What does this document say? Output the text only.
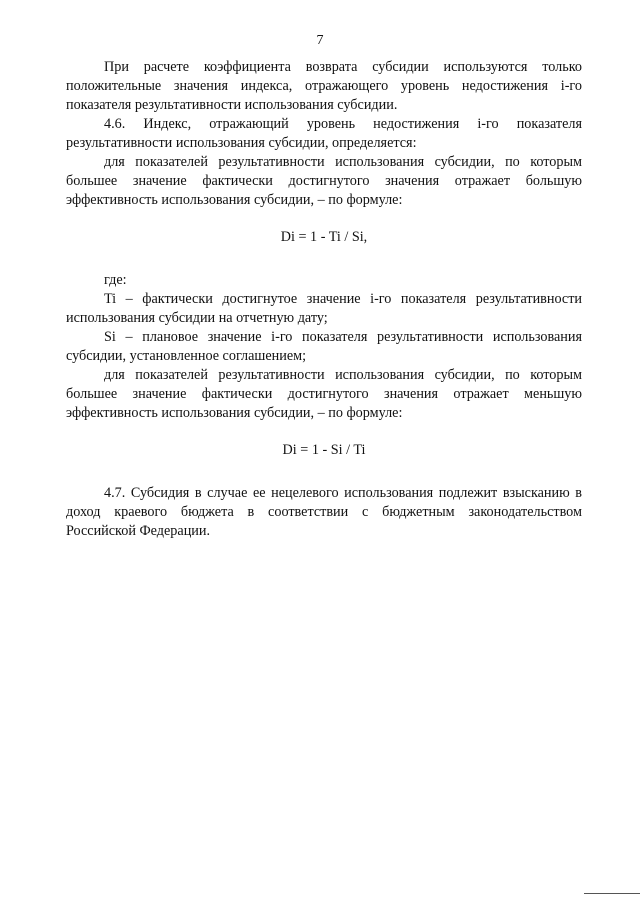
7

При расчете коэффициента возврата субсидии используются только положительные значения индекса, отражающего уровень недостижения i-го показателя результативности использования субсидии.

4.6. Индекс, отражающий уровень недостижения i-го показателя результативности использования субсидии, определяется:

для показателей результативности использования субсидии, по которым большее значение фактически достигнутого значения отражает большую эффективность использования субсидии, – по формуле:

Di = 1 - Ti / Si,

где:

Ti – фактически достигнутое значение i-го показателя результативности использования субсидии на отчетную дату;

Si – плановое значение i-го показателя результативности использования субсидии, установленное соглашением;

для показателей результативности использования субсидии, по которым большее значение фактически достигнутого значения отражает меньшую эффективность использования субсидии, – по формуле:

Di = 1 - Si / Ti

4.7. Субсидия в случае ее нецелевого использования подлежит взысканию в доход краевого бюджета в соответствии с бюджетным законодательством Российской Федерации.
